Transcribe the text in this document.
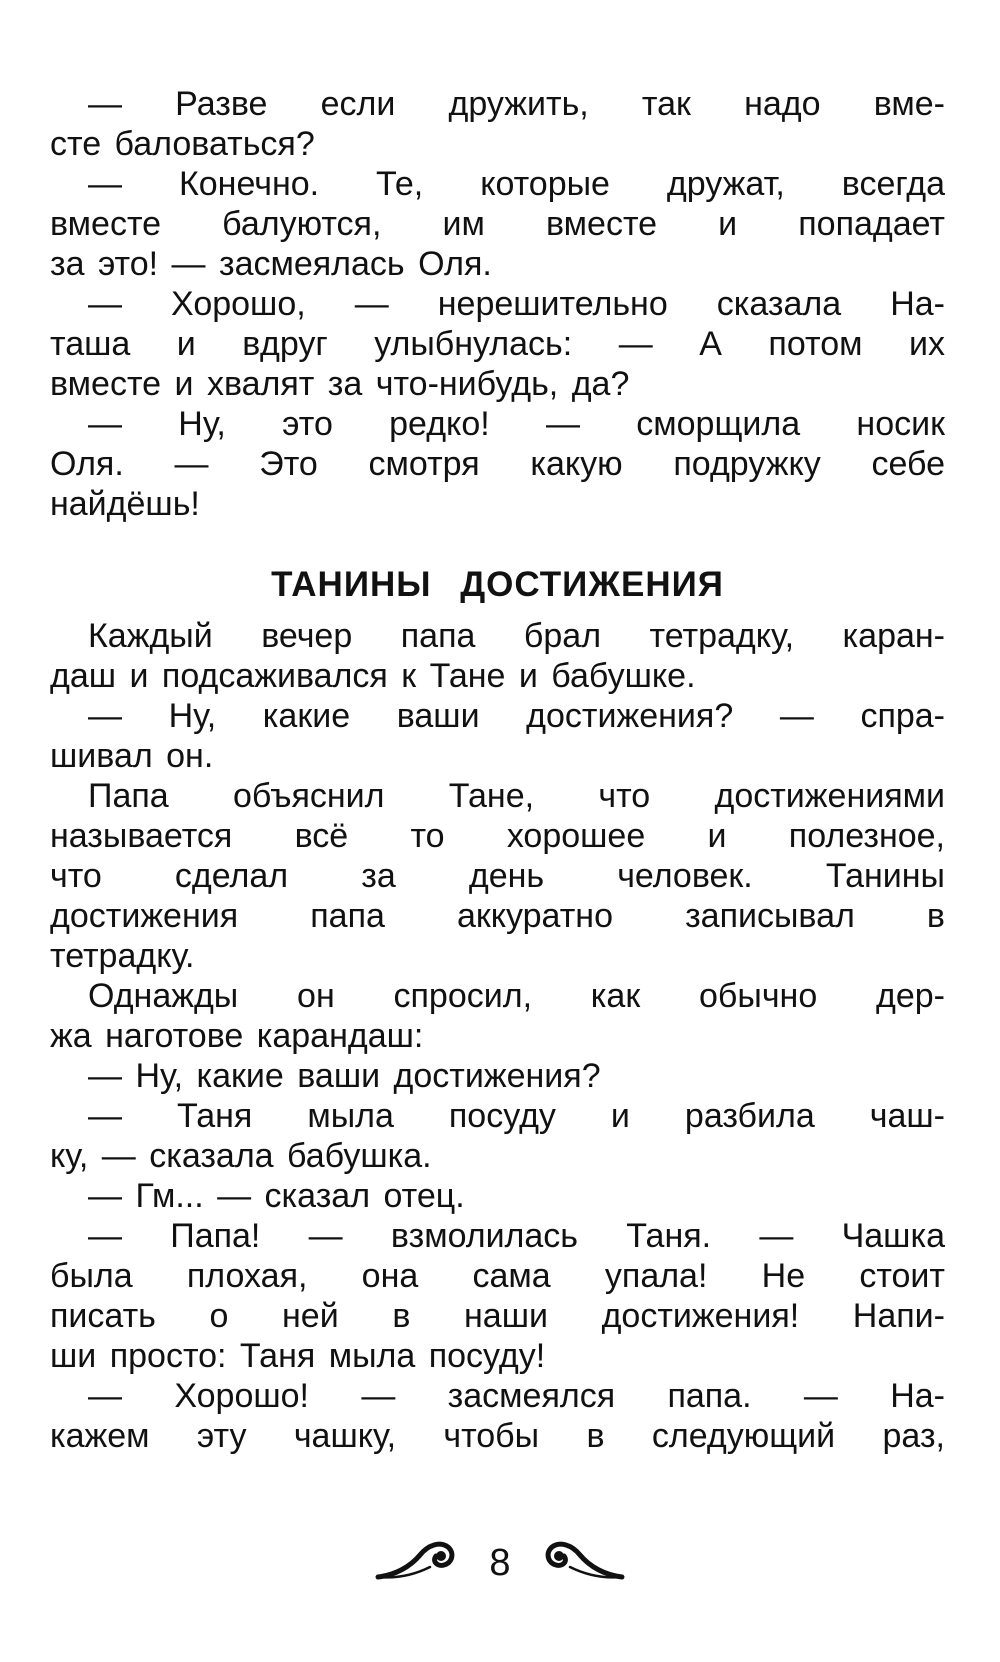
— Разве если дружить, так надо вме-
сте баловаться?
— Конечно. Те, которые дружат, всегда
вместе балуются, им вместе и попадает
за это! — засмеялась Оля.
— Хорошо, — нерешительно сказала На-
таша и вдруг улыбнулась: — А потом их
вместе и хвалят за что-нибудь, да?
— Ну, это редко! — сморщила носик
Оля. — Это смотря какую подружку себе
найдёшь!
ТАНИНЫ ДОСТИЖЕНИЯ
Каждый вечер папа брал тетрадку, каран-
даш и подсаживался к Тане и бабушке.
— Ну, какие ваши достижения? — спра-
шивал он.
Папа объяснил Тане, что достижениями
называется всё то хорошее и полезное,
что сделал за день человек. Танины
достижения папа аккуратно записывал в
тетрадку.
Однажды он спросил, как обычно дер-
жа наготове карандаш:
— Ну, какие ваши достижения?
— Таня мыла посуду и разбила чаш-
ку, — сказала бабушка.
— Гм... — сказал отец.
— Папа! — взмолилась Таня. — Чашка
была плохая, она сама упала! Не стоит
писать о ней в наши достижения! Напи-
ши просто: Таня мыла посуду!
— Хорошо! — засмеялся папа. — На-
кажем эту чашку, чтобы в следующий раз,
8
